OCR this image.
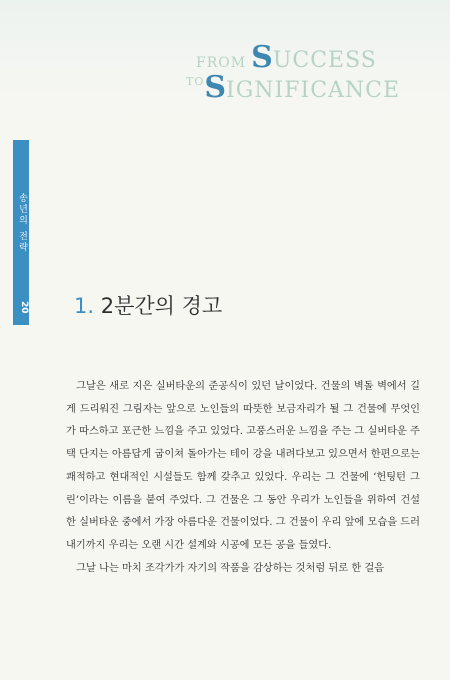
FROM SUCCESS
$^{TO}$SIGNIFICANCE
송년의 전략
20 1. 2분간의 경고

그날은 새로 지은 실버타운의 준공식이 있던 날이었다. 건물의 벽돌 벽에서 길게 드리워진 그림자는 앞으로 노인들의 따뜻한 보금자리가 될 그 건물에 무엇인가 따스하고 포근한 느낌을 주고 있었다. 고풍스러운 느낌을 주는 그 실버타운 주택 단지는 아름답게 굽이쳐 돌아가는 테이 강을 내려다보고 있으면서 한편으로는 쾌적하고 현대적인 시설들도 함께 갖추고 있었다. 우리는 그 건물에 ‘헌팅턴 그린’이라는 이름을 붙여 주었다. 그 건물은 그 동안 우리가 노인들을 위하여 건설한 실버타운 중에서 가장 아름다운 건물이었다. 그 건물이 우리 앞에 모습을 드러내기까지 우리는 오랜 시간 설계와 시공에 모든 공을 들였다.

그날 나는 마치 조각가가 자기의 작품을 감상하는 것처럼 뒤로 한 걸음
